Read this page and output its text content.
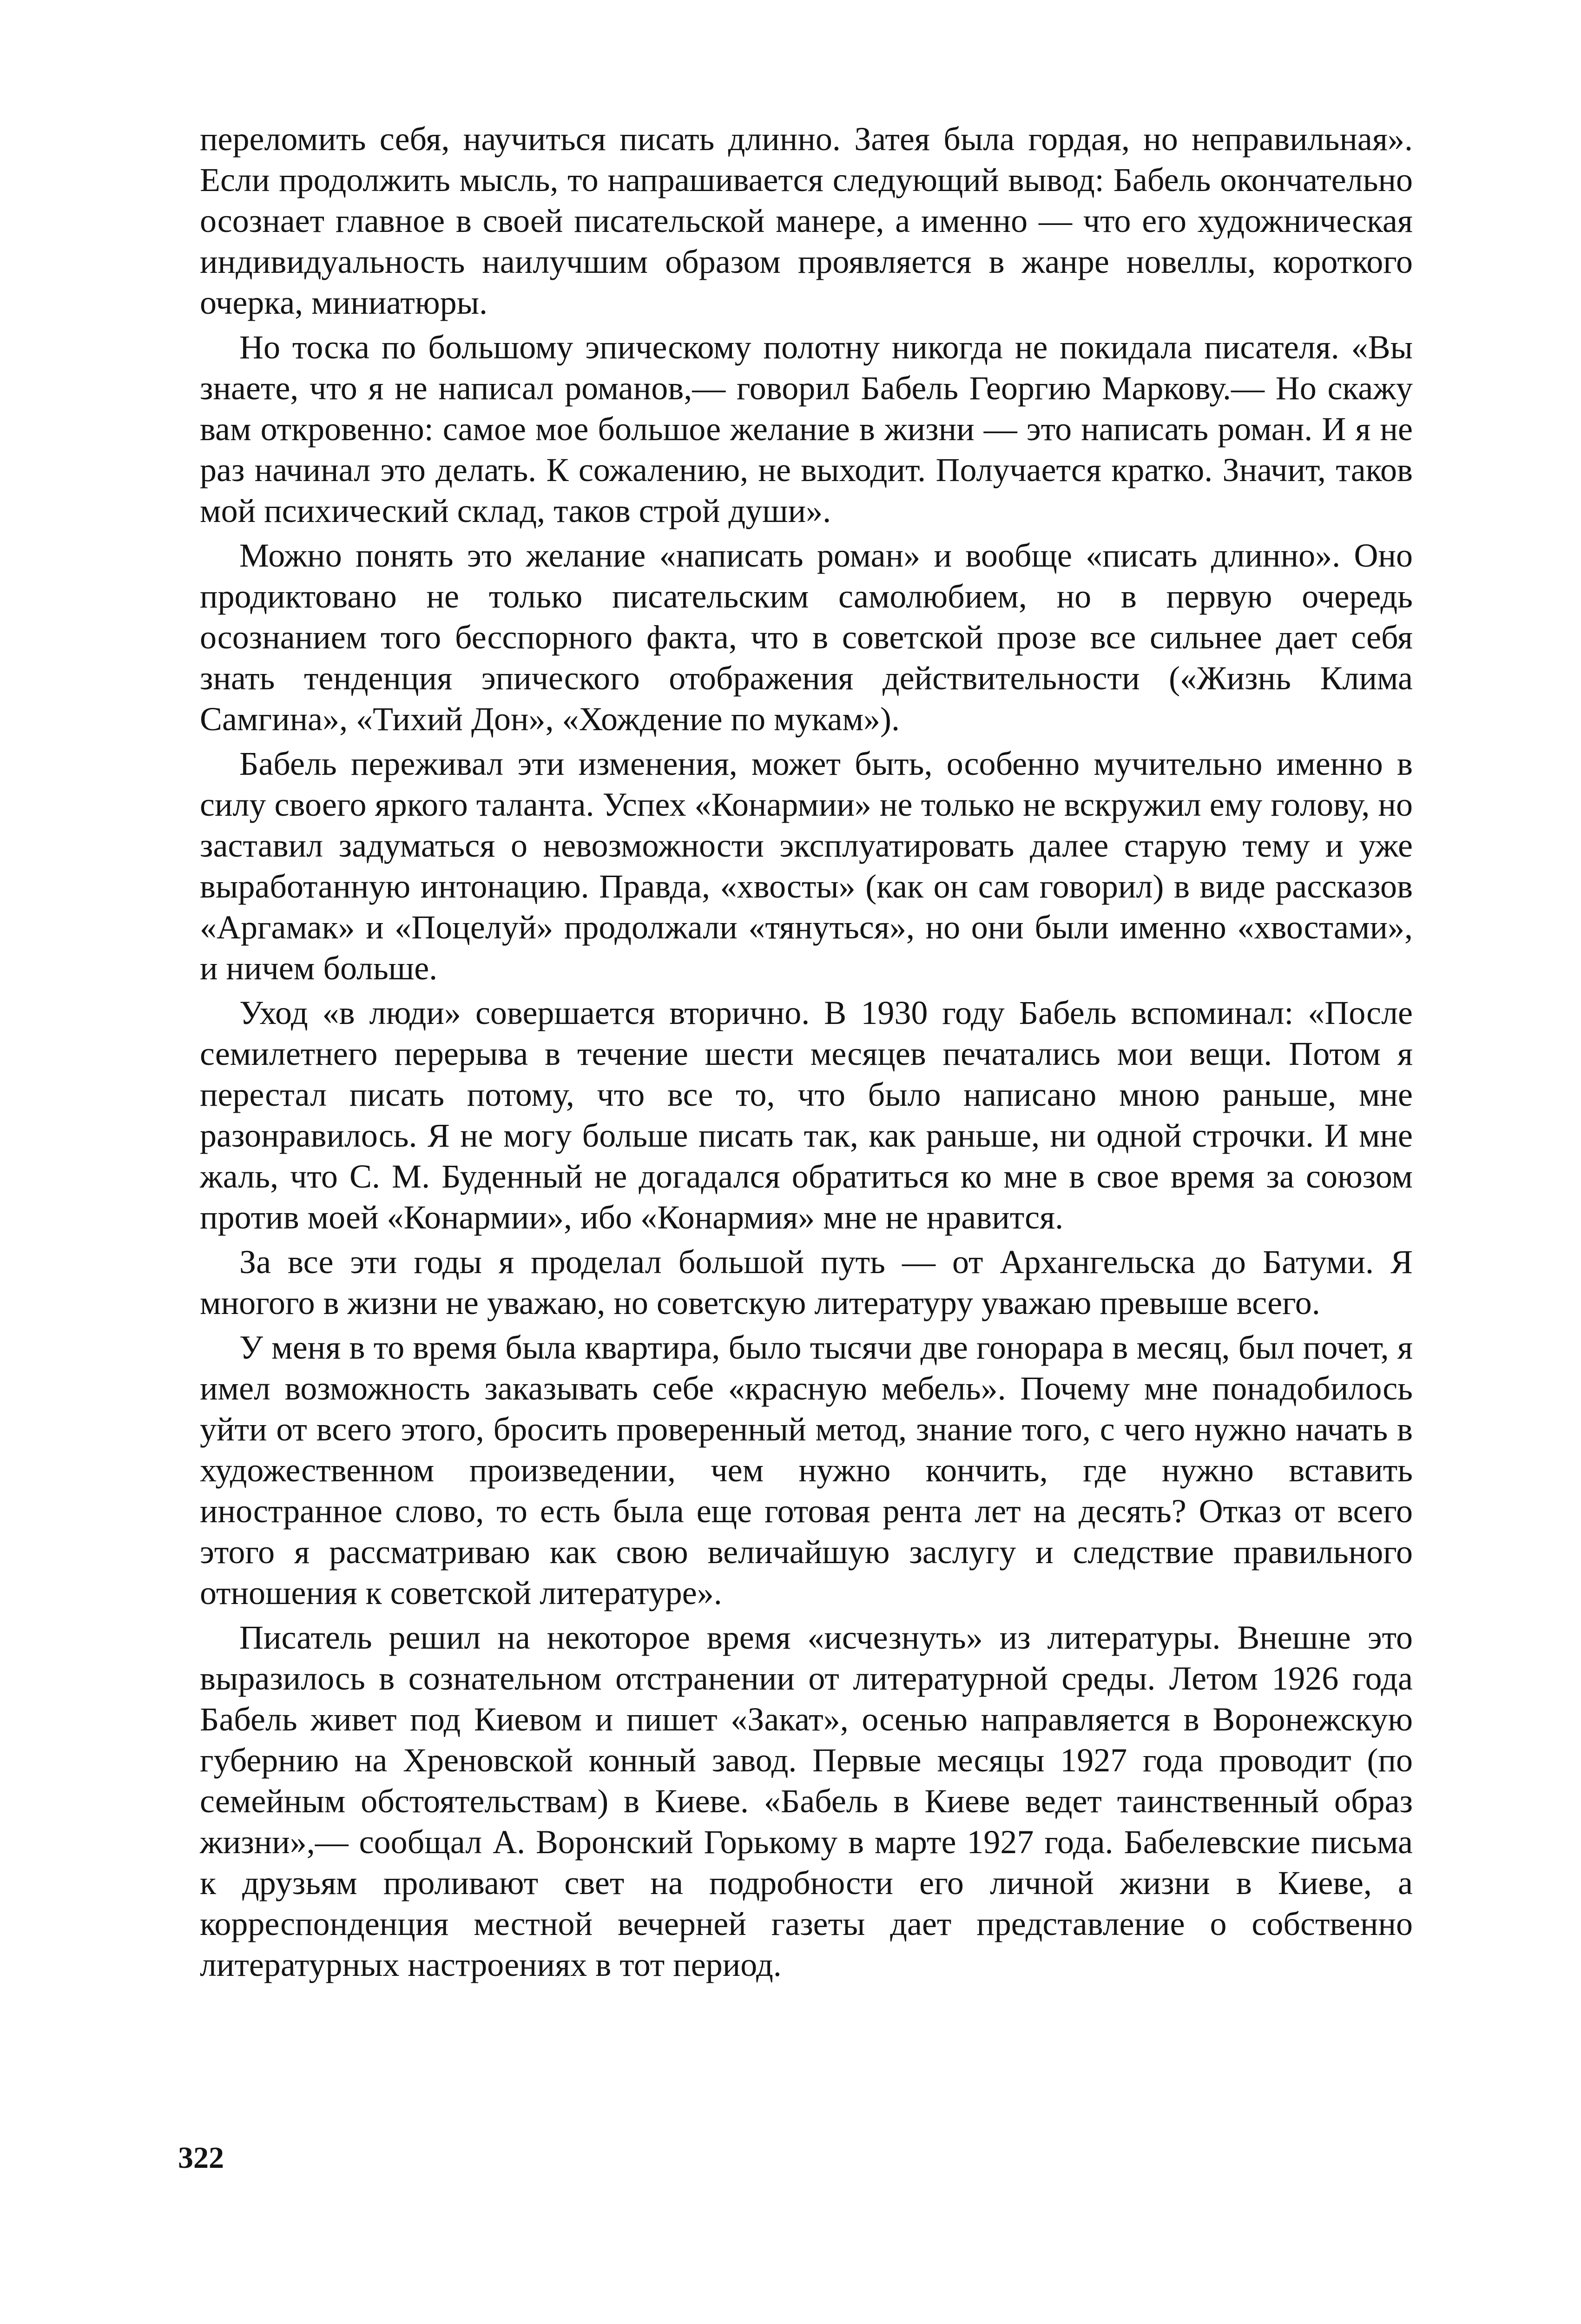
переломить себя, научиться писать длинно. Затея была гордая, но неправильная». Если продолжить мысль, то напрашивается следующий вывод: Бабель окончательно осознает главное в своей писательской манере, а именно — что его художническая индивидуальность наилучшим образом проявляется в жанре новеллы, короткого очерка, миниатюры.

Но тоска по большому эпическому полотну никогда не покидала писателя. «Вы знаете, что я не написал романов,— говорил Бабель Георгию Маркову.— Но скажу вам откровенно: самое мое большое желание в жизни — это написать роман. И я не раз начинал это делать. К сожалению, не выходит. Получается кратко. Значит, таков мой психический склад, таков строй души».

Можно понять это желание «написать роман» и вообще «писать длинно». Оно продиктовано не только писательским самолюбием, но в первую очередь осознанием того бесспорного факта, что в советской прозе все сильнее дает себя знать тенденция эпического отображения действительности («Жизнь Клима Самгина», «Тихий Дон», «Хождение по мукам»).

Бабель переживал эти изменения, может быть, особенно мучительно именно в силу своего яркого таланта. Успех «Конармии» не только не вскружил ему голову, но заставил задуматься о невозможности эксплуатировать далее старую тему и уже выработанную интонацию. Правда, «хвосты» (как он сам говорил) в виде рассказов «Аргамак» и «Поцелуй» продолжали «тянуться», но они были именно «хвостами», и ничем больше.

Уход «в люди» совершается вторично. В 1930 году Бабель вспоминал: «После семилетнего перерыва в течение шести месяцев печатались мои вещи. Потом я перестал писать потому, что все то, что было написано мною раньше, мне разонравилось. Я не могу больше писать так, как раньше, ни одной строчки. И мне жаль, что С. М. Буденный не догадался обратиться ко мне в свое время за союзом против моей «Конармии», ибо «Конармия» мне не нравится.

За все эти годы я проделал большой путь — от Архангельска до Батуми. Я многого в жизни не уважаю, но советскую литературу уважаю превыше всего.

У меня в то время была квартира, было тысячи две гонорара в месяц, был почет, я имел возможность заказывать себе «красную мебель». Почему мне понадобилось уйти от всего этого, бросить проверенный метод, знание того, с чего нужно начать в художественном произведении, чем нужно кончить, где нужно вставить иностранное слово, то есть была еще готовая рента лет на десять? Отказ от всего этого я рассматриваю как свою величайшую заслугу и следствие правильного отношения к советской литературе».

Писатель решил на некоторое время «исчезнуть» из литературы. Внешне это выразилось в сознательном отстранении от литературной среды. Летом 1926 года Бабель живет под Киевом и пишет «Закат», осенью направляется в Воронежскую губернию на Хреновской конный завод. Первые месяцы 1927 года проводит (по семейным обстоятельствам) в Киеве. «Бабель в Киеве ведет таинственный образ жизни»,— сообщал А. Воронский Горькому в марте 1927 года. Бабелевские письма к друзьям проливают свет на подробности его личной жизни в Киеве, а корреспонденция местной вечерней газеты дает представление о собственно литературных настроениях в тот период.

322
